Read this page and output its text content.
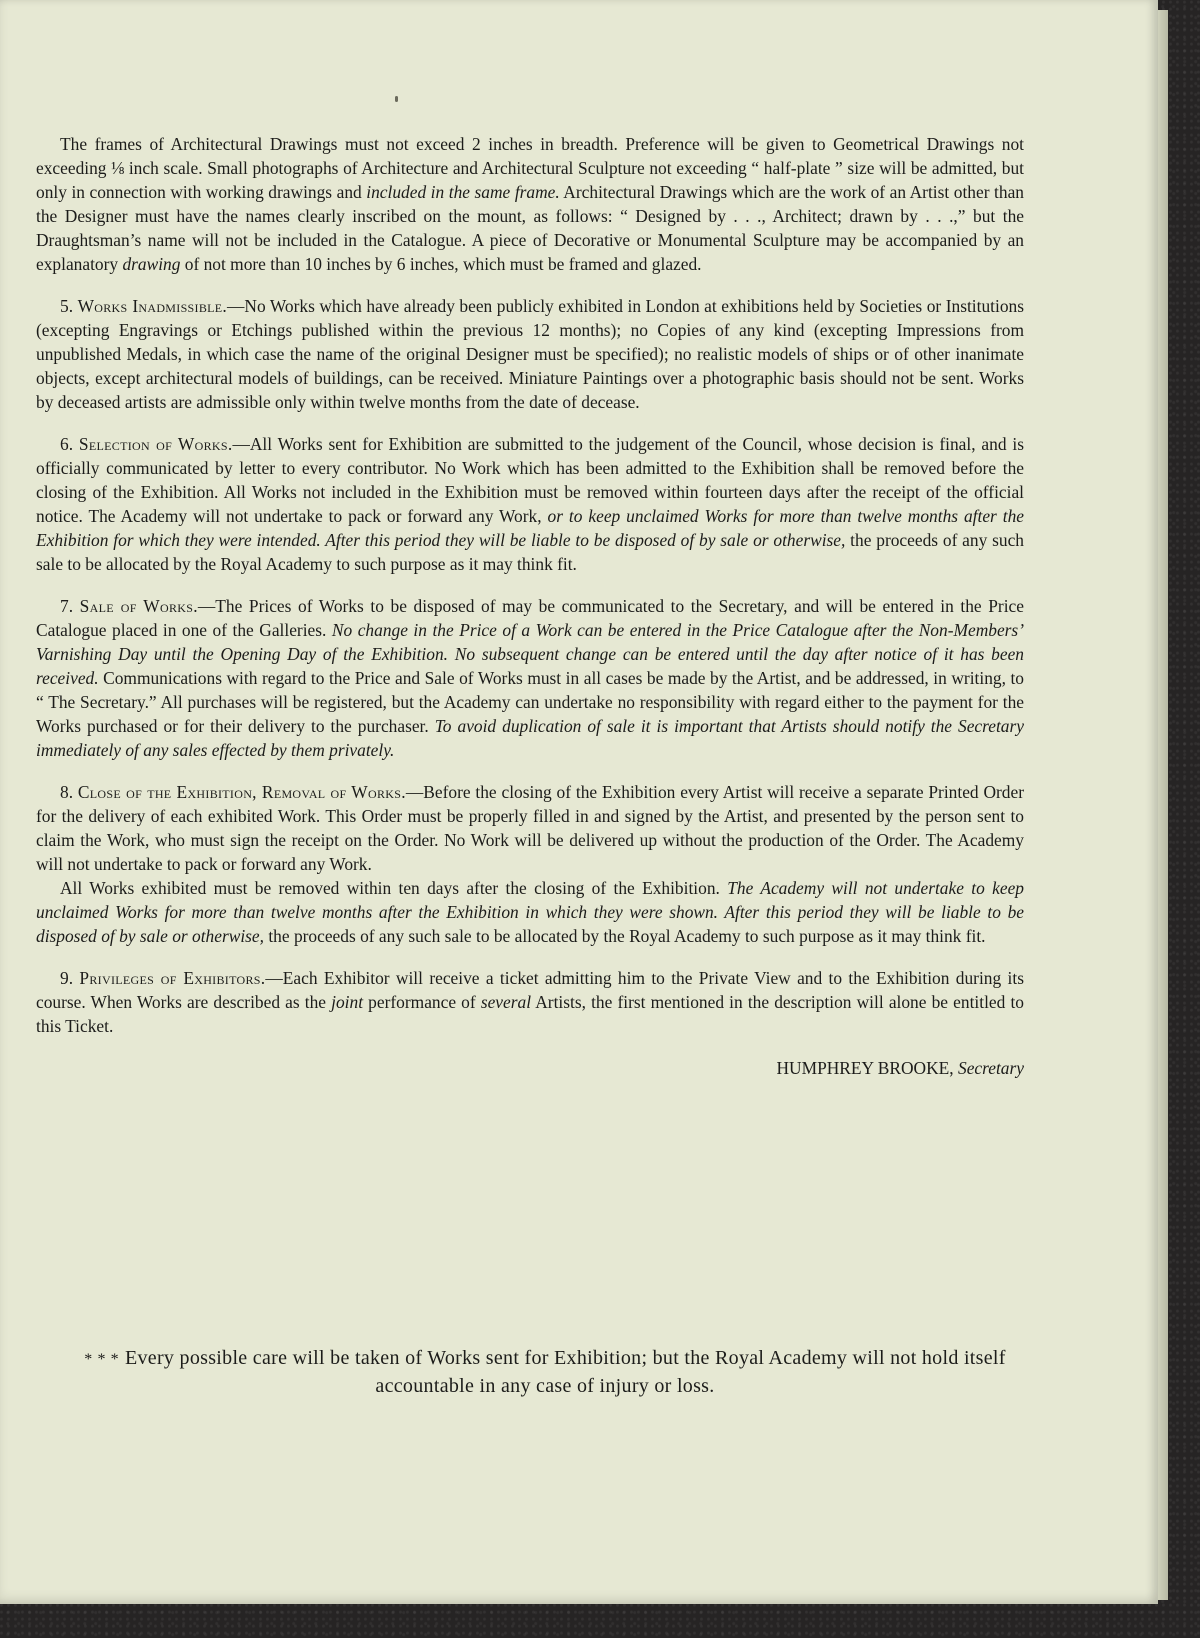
The frames of Architectural Drawings must not exceed 2 inches in breadth. Preference will be given to Geometrical Drawings not exceeding ⅛ inch scale. Small photographs of Architecture and Architectural Sculpture not exceeding “ half-plate ” size will be admitted, but only in connection with working drawings and included in the same frame. Architectural Drawings which are the work of an Artist other than the Designer must have the names clearly inscribed on the mount, as follows: “ Designed by . . ., Architect; drawn by . . .,” but the Draughtsman’s name will not be included in the Catalogue. A piece of Decorative or Monumental Sculpture may be accompanied by an explanatory drawing of not more than 10 inches by 6 inches, which must be framed and glazed.

5. Works Inadmissible.—No Works which have already been publicly exhibited in London at exhibitions held by Societies or Institutions (excepting Engravings or Etchings published within the previous 12 months); no Copies of any kind (excepting Impressions from unpublished Medals, in which case the name of the original Designer must be specified); no realistic models of ships or of other inanimate objects, except architectural models of buildings, can be received. Miniature Paintings over a photographic basis should not be sent. Works by deceased artists are admissible only within twelve months from the date of decease.

6. Selection of Works.—All Works sent for Exhibition are submitted to the judgement of the Council, whose decision is final, and is officially communicated by letter to every contributor. No Work which has been admitted to the Exhibition shall be removed before the closing of the Exhibition. All Works not included in the Exhibition must be removed within fourteen days after the receipt of the official notice. The Academy will not undertake to pack or forward any Work, or to keep unclaimed Works for more than twelve months after the Exhibition for which they were intended. After this period they will be liable to be disposed of by sale or otherwise, the proceeds of any such sale to be allocated by the Royal Academy to such purpose as it may think fit.

7. Sale of Works.—The Prices of Works to be disposed of may be communicated to the Secretary, and will be entered in the Price Catalogue placed in one of the Galleries. No change in the Price of a Work can be entered in the Price Catalogue after the Non-Members’ Varnishing Day until the Opening Day of the Exhibition. No subsequent change can be entered until the day after notice of it has been received. Communications with regard to the Price and Sale of Works must in all cases be made by the Artist, and be addressed, in writing, to “ The Secretary.” All purchases will be registered, but the Academy can undertake no responsibility with regard either to the payment for the Works purchased or for their delivery to the purchaser. To avoid duplication of sale it is important that Artists should notify the Secretary immediately of any sales effected by them privately.

8. Close of the Exhibition, Removal of Works.—Before the closing of the Exhibition every Artist will receive a separate Printed Order for the delivery of each exhibited Work. This Order must be properly filled in and signed by the Artist, and presented by the person sent to claim the Work, who must sign the receipt on the Order. No Work will be delivered up without the production of the Order. The Academy will not undertake to pack or forward any Work.

All Works exhibited must be removed within ten days after the closing of the Exhibition. The Academy will not undertake to keep unclaimed Works for more than twelve months after the Exhibition in which they were shown. After this period they will be liable to be disposed of by sale or otherwise, the proceeds of any such sale to be allocated by the Royal Academy to such purpose as it may think fit.

9. Privileges of Exhibitors.—Each Exhibitor will receive a ticket admitting him to the Private View and to the Exhibition during its course. When Works are described as the joint performance of several Artists, the first mentioned in the description will alone be entitled to this Ticket.

HUMPHREY BROOKE, Secretary

* * * Every possible care will be taken of Works sent for Exhibition; but the Royal Academy will not hold itself accountable in any case of injury or loss.
